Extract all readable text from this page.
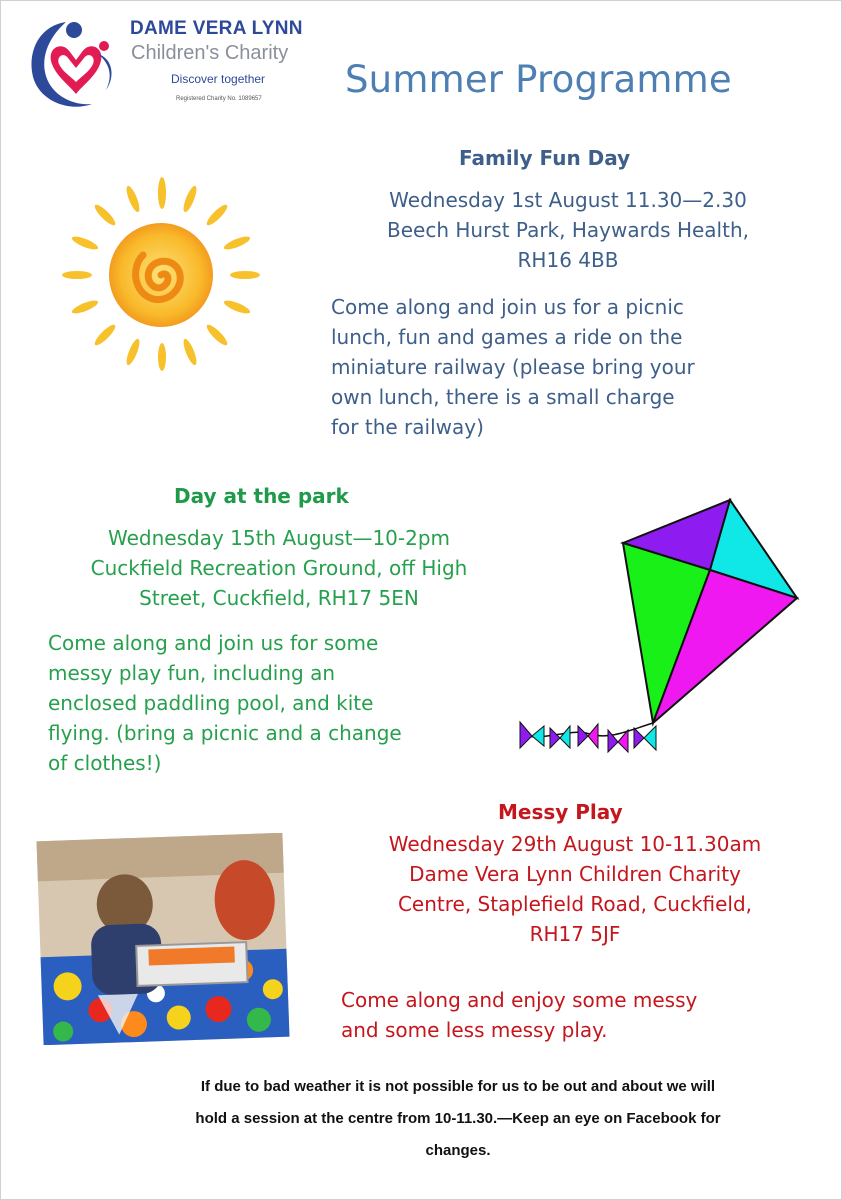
DAME VERA LYNN
Children's Charity
Discover together
Registered Charity No. 1089657 Summer Programme
Family Fun Day
Wednesday 1st August 11.30—2.30
Beech Hurst Park, Haywards Health,
RH16 4BB
Come along and join us for a picnic
lunch, fun and games a ride on the
miniature railway (please bring your
own lunch, there is a small charge
for the railway)
Day at the park
Wednesday 15th August—10-2pm
Cuckfield Recreation Ground, off High
Street, Cuckfield, RH17 5EN
Come along and join us for some
messy play fun, including an
enclosed paddling pool, and kite
flying. (bring a picnic and a change
of clothes!)
Messy Play
Wednesday 29th August 10-11.30am
Dame Vera Lynn Children Charity
Centre, Staplefield Road, Cuckfield,
RH17 5JF
Come along and enjoy some messy
and some less messy play.
If due to bad weather it is not possible for us to be out and about we will
hold a session at the centre from 10-11.30.—Keep an eye on Facebook for
changes.
